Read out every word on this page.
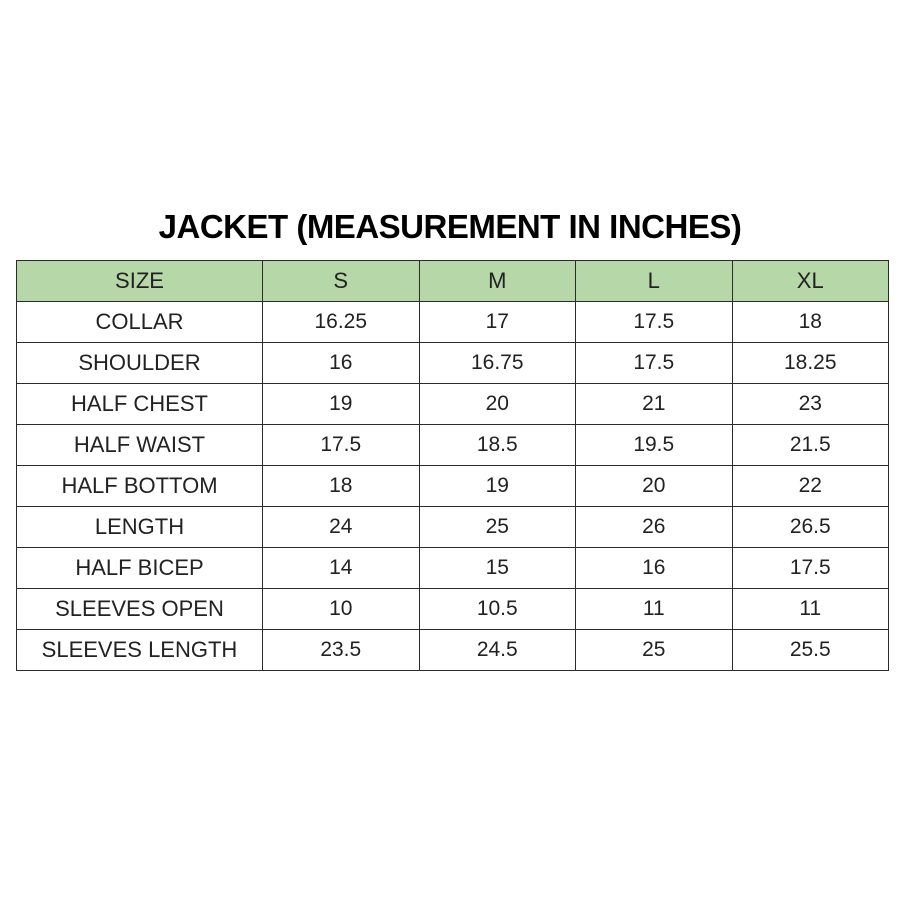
JACKET (MEASUREMENT IN INCHES)
SIZE	S	M	L	XL
COLLAR	16.25	17	17.5	18
SHOULDER	16	16.75	17.5	18.25
HALF CHEST	19	20	21	23
HALF WAIST	17.5	18.5	19.5	21.5
HALF BOTTOM	18	19	20	22
LENGTH	24	25	26	26.5
HALF BICEP	14	15	16	17.5
SLEEVES OPEN	10	10.5	11	11
SLEEVES LENGTH	23.5	24.5	25	25.5
